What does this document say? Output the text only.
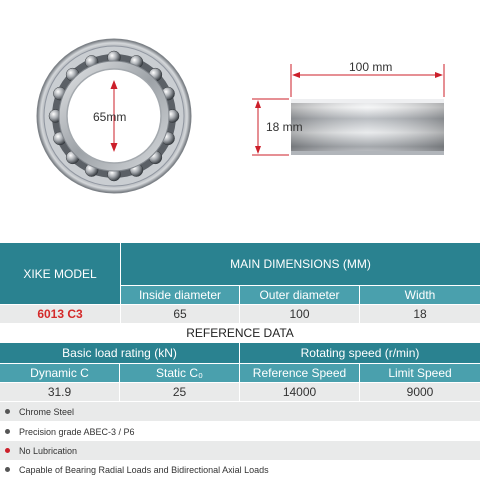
65mm
100 mm
18 mm
XIKE MODEL
MAIN DIMENSIONS (MM)
Inside diameter	Outer diameter	Width
6013 C3	65	100	18
REFERENCE DATA
Basic load rating (kN)	Rotating speed (r/min)
Dynamic C	Static C₀	Reference Speed	Limit Speed
31.9	25	14000	9000
Chrome Steel
Precision grade ABEC-3 / P6
No Lubrication
Capable of Bearing Radial Loads and Bidirectional Axial Loads
